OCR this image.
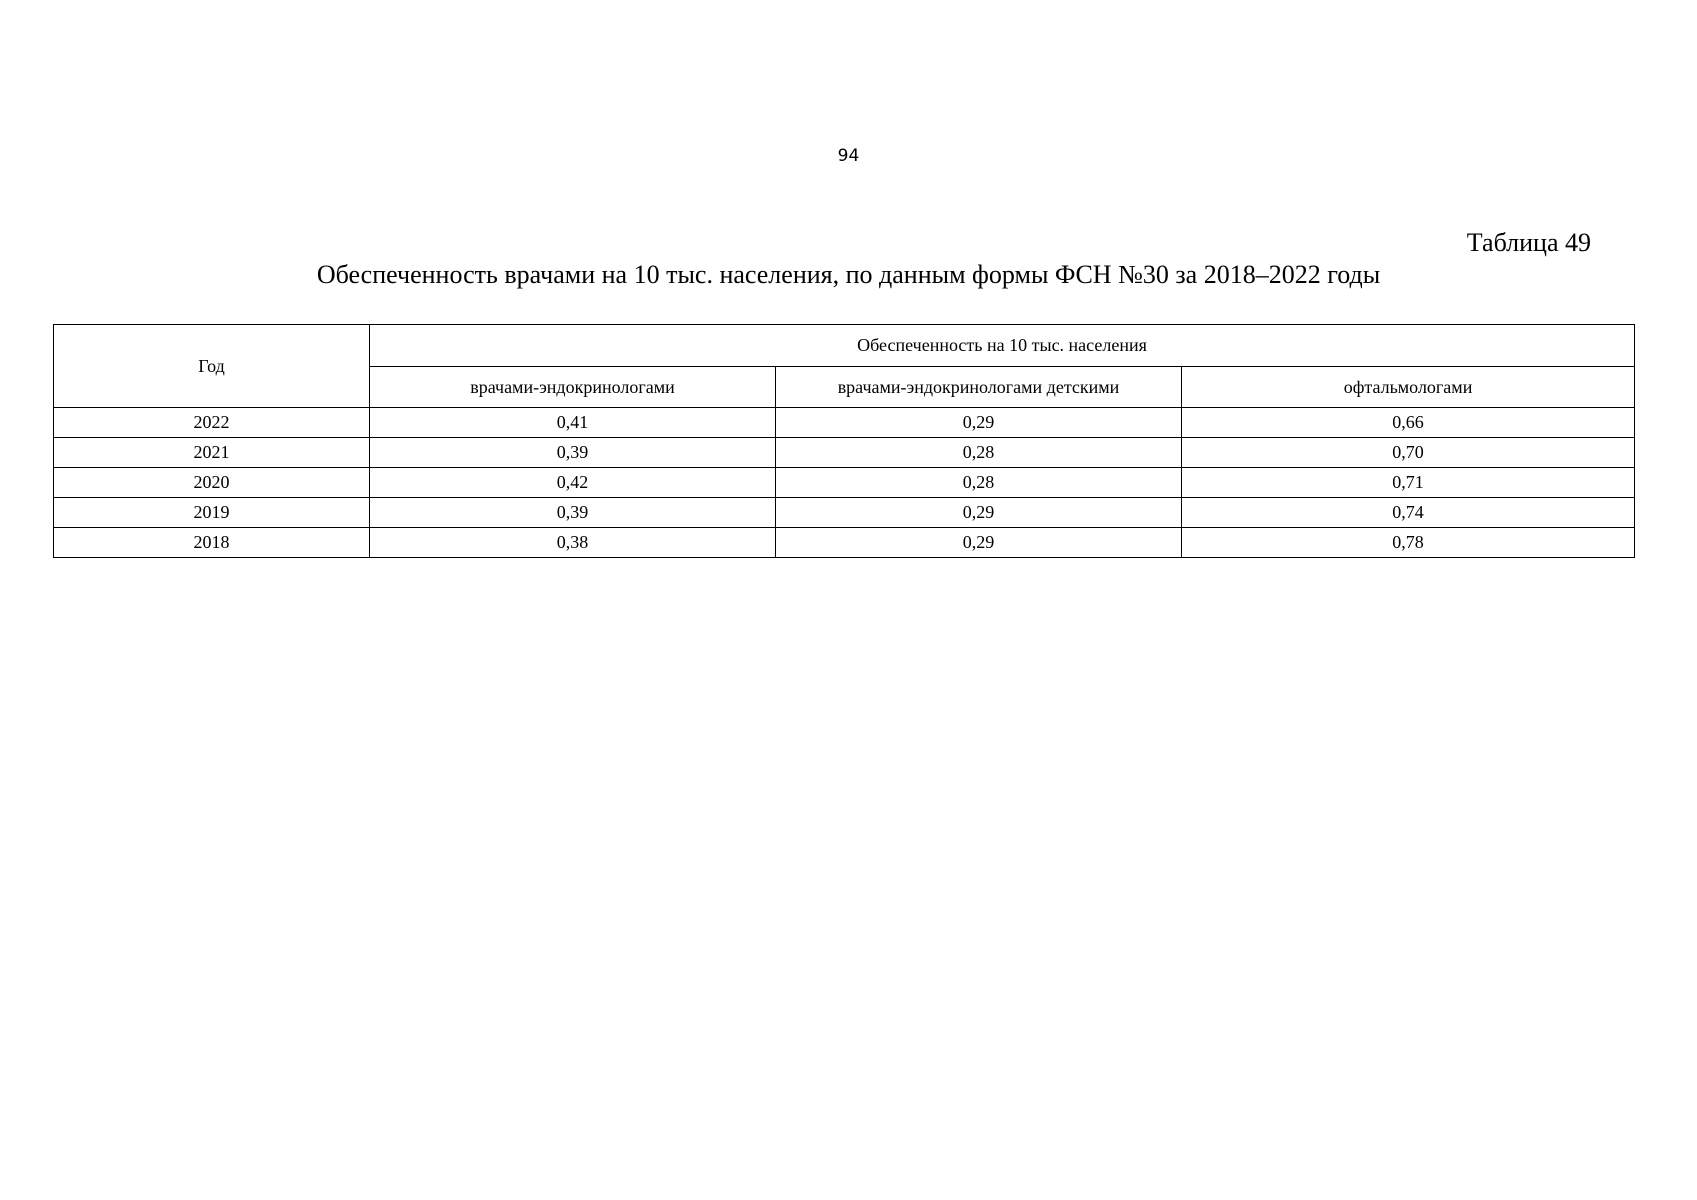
94
Таблица 49
Обеспеченность врачами на 10 тыс. населения, по данным формы ФСН №30 за 2018–2022 годы
Год	Обеспеченность на 10 тыс. населения		
	врачами-эндокринологами	врачами-эндокринологами детскими	офтальмологами
2022	0,41	0,29	0,66
2021	0,39	0,28	0,70
2020	0,42	0,28	0,71
2019	0,39	0,29	0,74
2018	0,38	0,29	0,78
